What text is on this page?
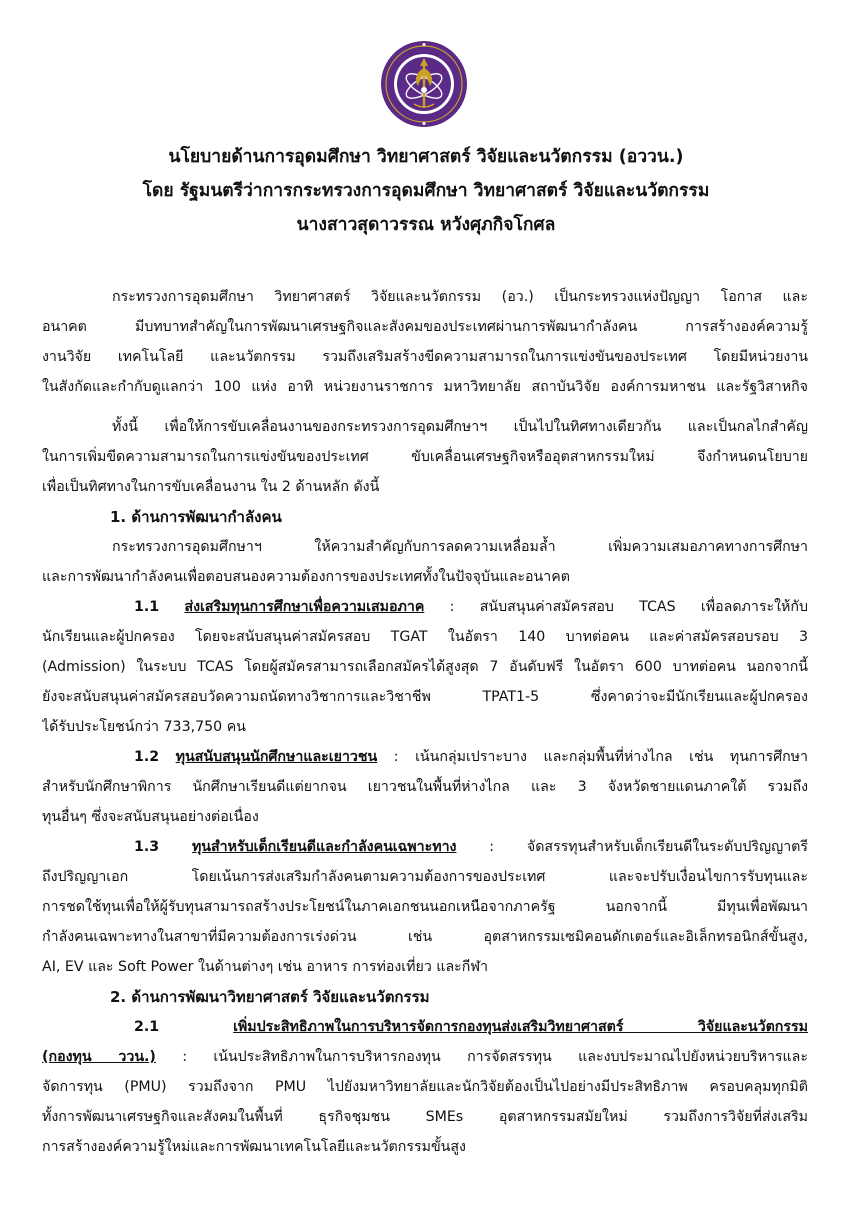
นโยบายด้านการอุดมศึกษา วิทยาศาสตร์ วิจัยและนวัตกรรม (อววน.)
โดย รัฐมนตรีว่าการกระทรวงการอุดมศึกษา วิทยาศาสตร์ วิจัยและนวัตกรรม
นางสาวสุดาวรรณ หวังศุภกิจโกศล
กระทรวงการอุดมศึกษา วิทยาศาสตร์ วิจัยและนวัตกรรม (อว.) เป็นกระทรวงแห่งปัญญา โอกาส และ
อนาคต มีบทบาทสำคัญในการพัฒนาเศรษฐกิจและสังคมของประเทศผ่านการพัฒนากำลังคน การสร้างองค์ความรู้
งานวิจัย เทคโนโลยี และนวัตกรรม รวมถึงเสริมสร้างขีดความสามารถในการแข่งขันของประเทศ โดยมีหน่วยงาน
ในสังกัดและกำกับดูแลกว่า 100 แห่ง อาทิ หน่วยงานราชการ มหาวิทยาลัย สถาบันวิจัย องค์การมหาชน และรัฐวิสาหกิจ
ทั้งนี้ เพื่อให้การขับเคลื่อนงานของกระทรวงการอุดมศึกษาฯ เป็นไปในทิศทางเดียวกัน และเป็นกลไกสำคัญ
ในการเพิ่มขีดความสามารถในการแข่งขันของประเทศ ขับเคลื่อนเศรษฐกิจหรืออุตสาหกรรมใหม่ จึงกำหนดนโยบาย
เพื่อเป็นทิศทางในการขับเคลื่อนงาน ใน 2 ด้านหลัก ดังนี้
1. ด้านการพัฒนากำลังคน
กระทรวงการอุดมศึกษาฯ ให้ความสำคัญกับการลดความเหลื่อมล้ำ เพิ่มความเสมอภาคทางการศึกษา
และการพัฒนากำลังคนเพื่อตอบสนองความต้องการของประเทศทั้งในปัจจุบันและอนาคต
1.1 ส่งเสริมทุนการศึกษาเพื่อความเสมอภาค : สนับสนุนค่าสมัครสอบ TCAS เพื่อลดภาระให้กับ
นักเรียนและผู้ปกครอง โดยจะสนับสนุนค่าสมัครสอบ TGAT ในอัตรา 140 บาทต่อคน และค่าสมัครสอบรอบ 3
(Admission) ในระบบ TCAS โดยผู้สมัครสามารถเลือกสมัครได้สูงสุด 7 อันดับฟรี ในอัตรา 600 บาทต่อคน นอกจากนี้
ยังจะสนับสนุนค่าสมัครสอบวัดความถนัดทางวิชาการและวิชาชีพ TPAT1-5 ซึ่งคาดว่าจะมีนักเรียนและผู้ปกครอง
ได้รับประโยชน์กว่า 733,750 คน
1.2 ทุนสนับสนุนนักศึกษาและเยาวชน : เน้นกลุ่มเปราะบาง และกลุ่มพื้นที่ห่างไกล เช่น ทุนการศึกษา
สำหรับนักศึกษาพิการ นักศึกษาเรียนดีแต่ยากจน เยาวชนในพื้นที่ห่างไกล และ 3 จังหวัดชายแดนภาคใต้ รวมถึง
ทุนอื่นๆ ซึ่งจะสนับสนุนอย่างต่อเนื่อง
1.3 ทุนสำหรับเด็กเรียนดีและกำลังคนเฉพาะทาง : จัดสรรทุนสำหรับเด็กเรียนดีในระดับปริญญาตรี
ถึงปริญญาเอก โดยเน้นการส่งเสริมกำลังคนตามความต้องการของประเทศ และจะปรับเงื่อนไขการรับทุนและ
การชดใช้ทุนเพื่อให้ผู้รับทุนสามารถสร้างประโยชน์ในภาคเอกชนนอกเหนือจากภาครัฐ นอกจากนี้ มีทุนเพื่อพัฒนา
กำลังคนเฉพาะทางในสาขาที่มีความต้องการเร่งด่วน เช่น อุตสาหกรรมเซมิคอนดักเตอร์และอิเล็กทรอนิกส์ขั้นสูง,
AI, EV และ Soft Power ในด้านต่างๆ เช่น อาหาร การท่องเที่ยว และกีฬา
2. ด้านการพัฒนาวิทยาศาสตร์ วิจัยและนวัตกรรม
2.1	เพิ่มประสิทธิภาพในการบริหารจัดการกองทุนส่งเสริมวิทยาศาสตร์ วิจัยและนวัตกรรม
(กองทุน ววน.) : เน้นประสิทธิภาพในการบริหารกองทุน การจัดสรรทุน และงบประมาณไปยังหน่วยบริหารและ
จัดการทุน (PMU) รวมถึงจาก PMU ไปยังมหาวิทยาลัยและนักวิจัยต้องเป็นไปอย่างมีประสิทธิภาพ ครอบคลุมทุกมิติ
ทั้งการพัฒนาเศรษฐกิจและสังคมในพื้นที่ ธุรกิจชุมชน SMEs อุตสาหกรรมสมัยใหม่ รวมถึงการวิจัยที่ส่งเสริม
การสร้างองค์ความรู้ใหม่และการพัฒนาเทคโนโลยีและนวัตกรรมขั้นสูง
